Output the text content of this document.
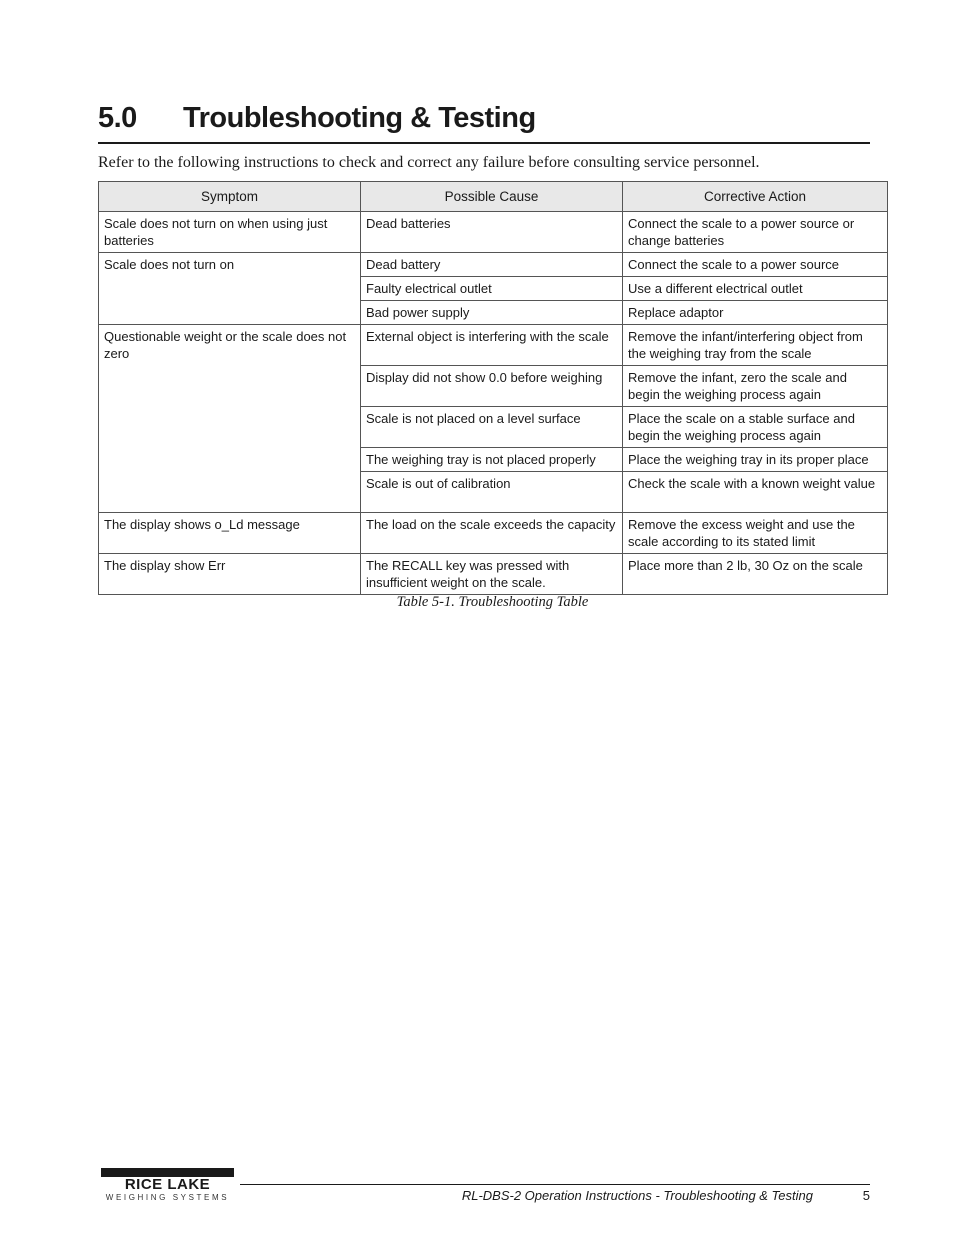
5.0 Troubleshooting & Testing
Refer to the following instructions to check and correct any failure before consulting service personnel.
Symptom	Possible Cause	Corrective Action
Scale does not turn on when using just batteries	Dead batteries	Connect the scale to a power source or change batteries
Scale does not turn on	Dead battery	Connect the scale to a power source
	Faulty electrical outlet	Use a different electrical outlet
	Bad power supply	Replace adaptor
Questionable weight or the scale does not zero	External object is interfering with the scale	Remove the infant/interfering object from the weighing tray from the scale
	Display did not show 0.0 before weighing	Remove the infant, zero the scale and begin the weighing process again
	Scale is not placed on a level surface	Place the scale on a stable surface and begin the weighing process again
	The weighing tray is not placed properly	Place the weighing tray in its proper place
	Scale is out of calibration	Check the scale with a known weight value
The display shows o_Ld message	The load on the scale exceeds the capacity	Remove the excess weight and use the scale according to its stated limit
The display show Err	The RECALL key was pressed with insufficient weight on the scale.	Place more than 2 lb, 30 Oz on the scale
Table 5-1. Troubleshooting Table
RICE LAKE
WEIGHING SYSTEMS	RL-DBS-2 Operation Instructions - Troubleshooting & Testing	5
